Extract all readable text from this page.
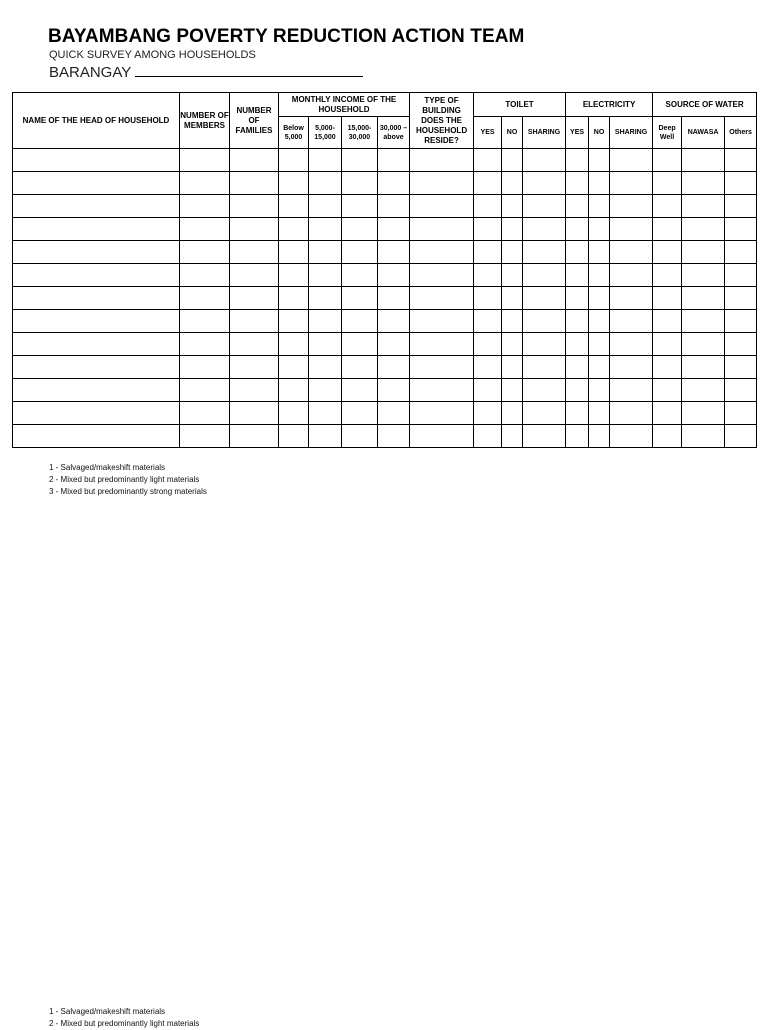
BAYAMBANG POVERTY REDUCTION ACTION TEAM
QUICK SURVEY AMONG HOUSEHOLDS
BARANGAY
NAME OF THE HEAD OF HOUSEHOLD	NUMBER OF MEMBERS	NUMBER OF FAMILIES	MONTHLY INCOME OF THE HOUSEHOLD				TYPE OF BUILDING DOES THE HOUSEHOLD RESIDE?	TOILET			ELECTRICITY			SOURCE OF WATER		
			Below 5,000	5,000-15,000	15,000-30,000	30,000 – above		YES	NO	SHARING	YES	NO	SHARING	Deep Well	NAWASA	Others

1 - Salvaged/makeshift materials
2 - Mixed but predominantly light materials
3 - Mixed but predominantly strong materials
1 - Salvaged/makeshift materials
2 - Mixed but predominantly light materials
